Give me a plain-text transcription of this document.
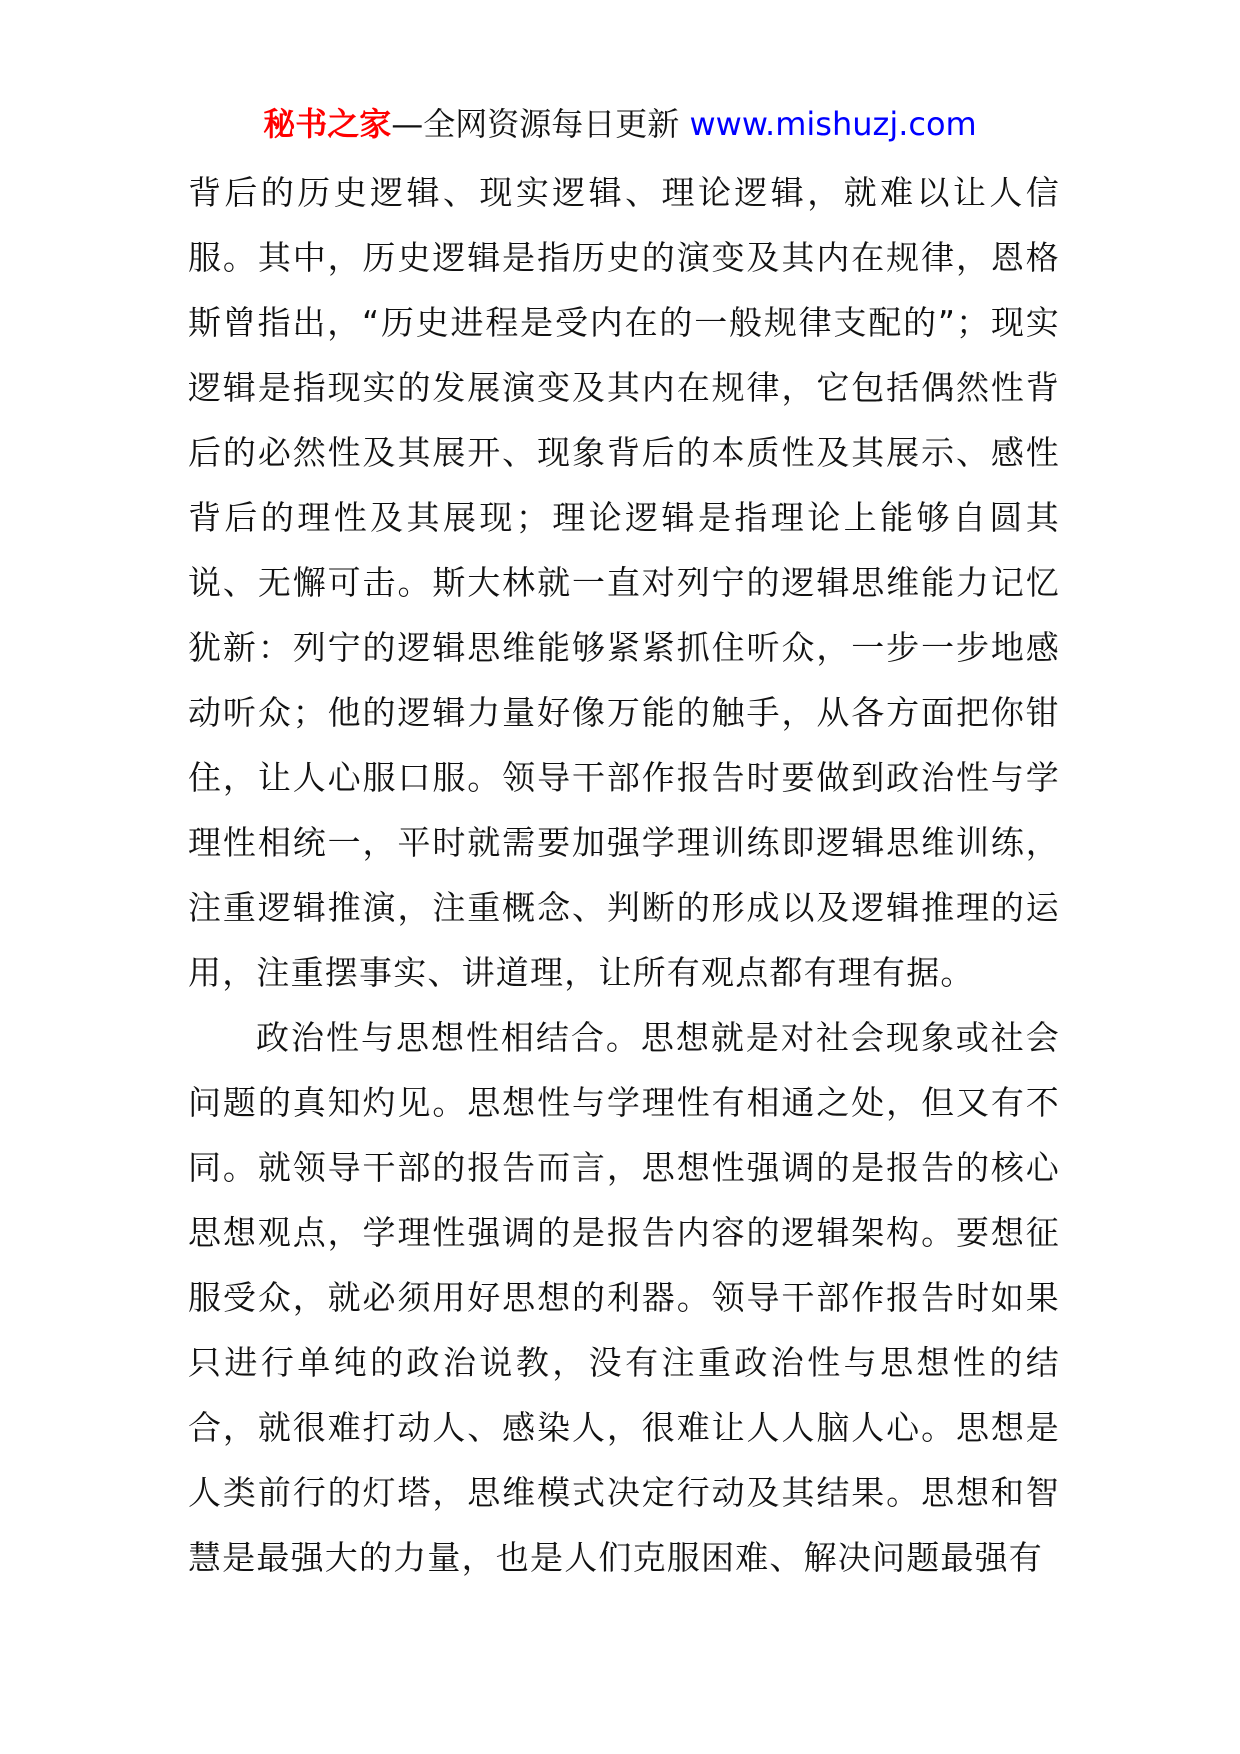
秘书之家—全网资源每日更新 www.mishuzj.com

背后的历史逻辑、现实逻辑、理论逻辑，就难以让人信服。其中，历史逻辑是指历史的演变及其内在规律，恩格斯曾指出，“历史进程是受内在的一般规律支配的”；现实逻辑是指现实的发展演变及其内在规律，它包括偶然性背后的必然性及其展开、现象背后的本质性及其展示、感性背后的理性及其展现；理论逻辑是指理论上能够自圆其说、无懈可击。斯大林就一直对列宁的逻辑思维能力记忆犹新：列宁的逻辑思维能够紧紧抓住听众，一步一步地感动听众；他的逻辑力量好像万能的触手，从各方面把你钳住，让人心服口服。领导干部作报告时要做到政治性与学理性相统一，平时就需要加强学理训练即逻辑思维训练，注重逻辑推演，注重概念、判断的形成以及逻辑推理的运用，注重摆事实、讲道理，让所有观点都有理有据。

政治性与思想性相结合。思想就是对社会现象或社会问题的真知灼见。思想性与学理性有相通之处，但又有不同。就领导干部的报告而言，思想性强调的是报告的核心思想观点，学理性强调的是报告内容的逻辑架构。要想征服受众，就必须用好思想的利器。领导干部作报告时如果只进行单纯的政治说教，没有注重政治性与思想性的结合，就很难打动人、感染人，很难让人人脑人心。思想是人类前行的灯塔，思维模式决定行动及其结果。思想和智慧是最强大的力量，也是人们克服困难、解决问题最强有
